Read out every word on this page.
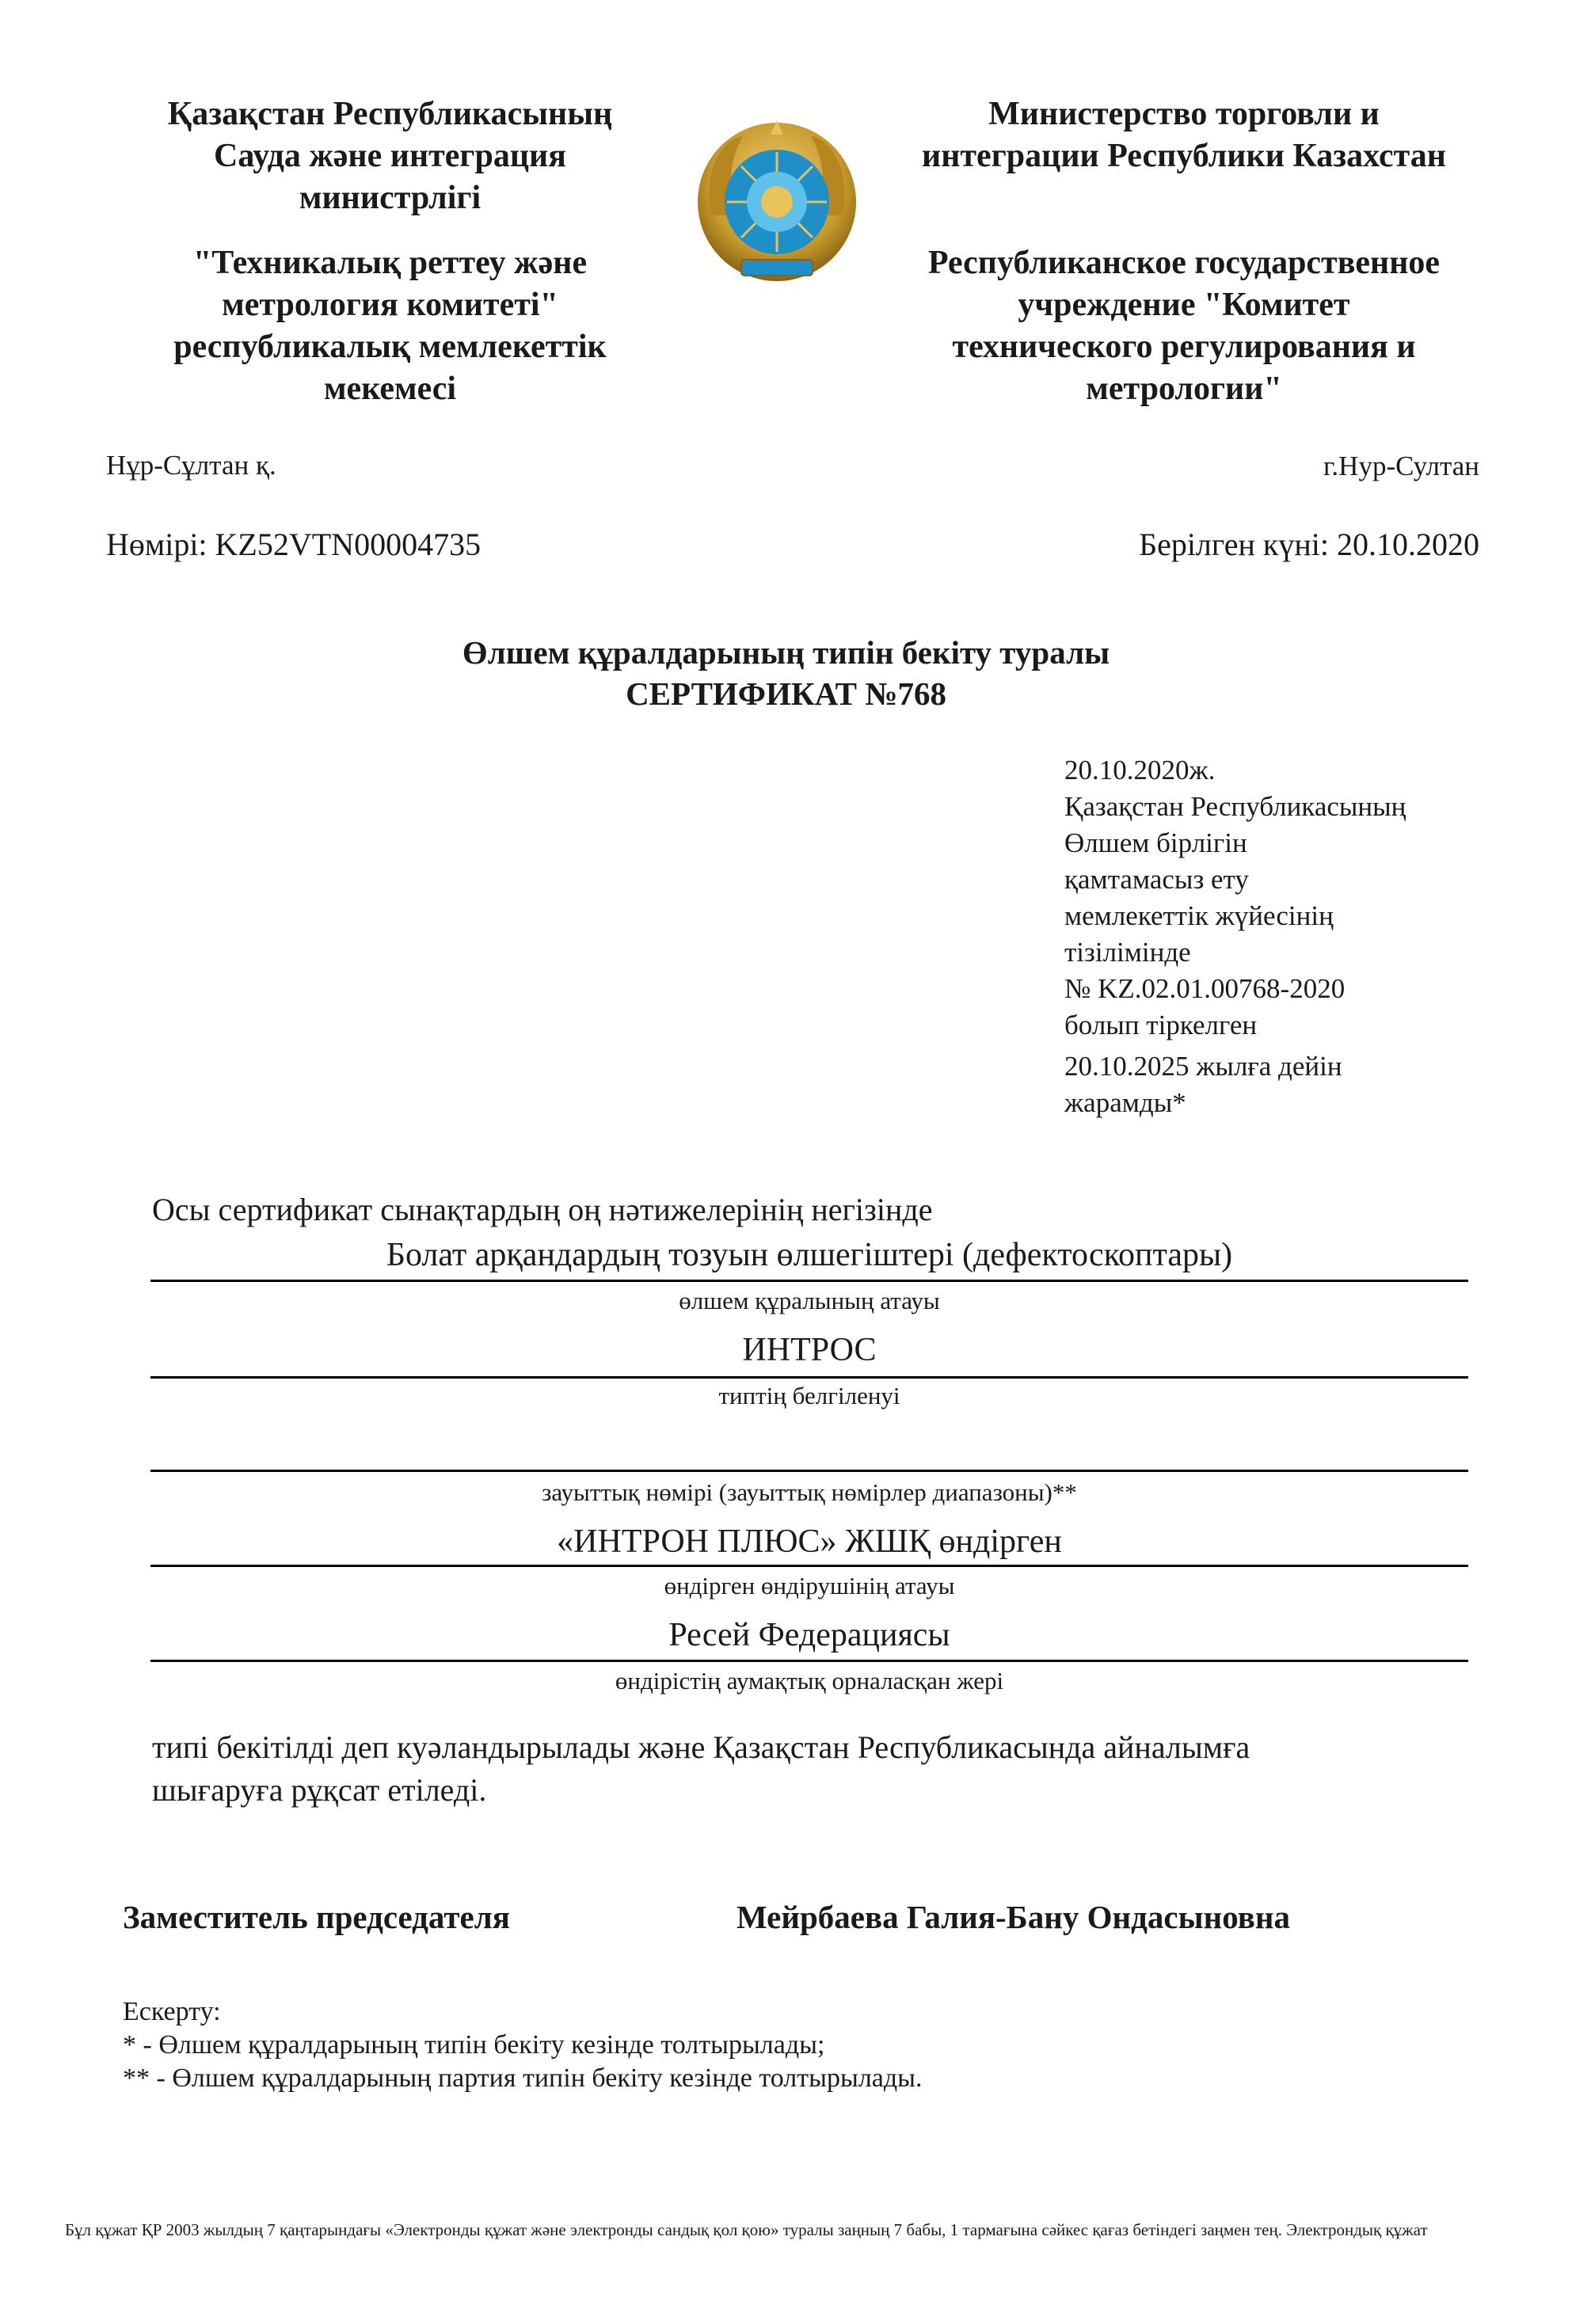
Қазақстан Республикасының
Сауда және интеграция
министрлігі
"Техникалық реттеу және
метрология комитеті"
республикалық мемлекеттік
мекемесі
Министерство торговли и
интеграции Республики Казахстан
Республиканское государственное
учреждение "Комитет
технического регулирования и
метрологии"
Нұр-Сұлтан қ.	г.Нур-Султан
Нөмірі: KZ52VTN00004735	Берілген күні: 20.10.2020
Өлшем құралдарының типін бекіту туралы
СЕРТИФИКАТ №768
20.10.2020ж.
Қазақстан Республикасының
Өлшем бірлігін
қамтамасыз ету
мемлекеттік жүйесінің
тізілімінде
№ KZ.02.01.00768-2020
болып тіркелген
20.10.2025 жылға дейін
жарамды*
Осы сертификат сынақтардың оң нәтижелерінің негізінде
Болат арқандардың тозуын өлшегіштері (дефектоскоптары)
өлшем құралының атауы
ИНТРОС
типтің белгіленуі
зауыттық нөмірі (зауыттық нөмірлер диапазоны)**
«ИНТРОН ПЛЮС» ЖШҚ өндірген
өндірген өндірушінің атауы
Ресей Федерациясы
өндірістің аумақтық орналасқан жері
типі бекітілді деп куәландырылады және Қазақстан Республикасында айналымға
шығаруға рұқсат етіледі.
Заместитель председателя	Мейрбаева Галия-Бану Ондасыновна
Ескерту:
* - Өлшем құралдарының типін бекіту кезінде толтырылады;
** - Өлшем құралдарының партия типін бекіту кезінде толтырылады.
Бұл құжат ҚР 2003 жылдың 7 қаңтарындағы «Электронды құжат және электронды сандық қол қою» туралы заңның 7 бабы, 1 тармағына сәйкес қағаз бетіндегі заңмен тең. Электрондық құжат
